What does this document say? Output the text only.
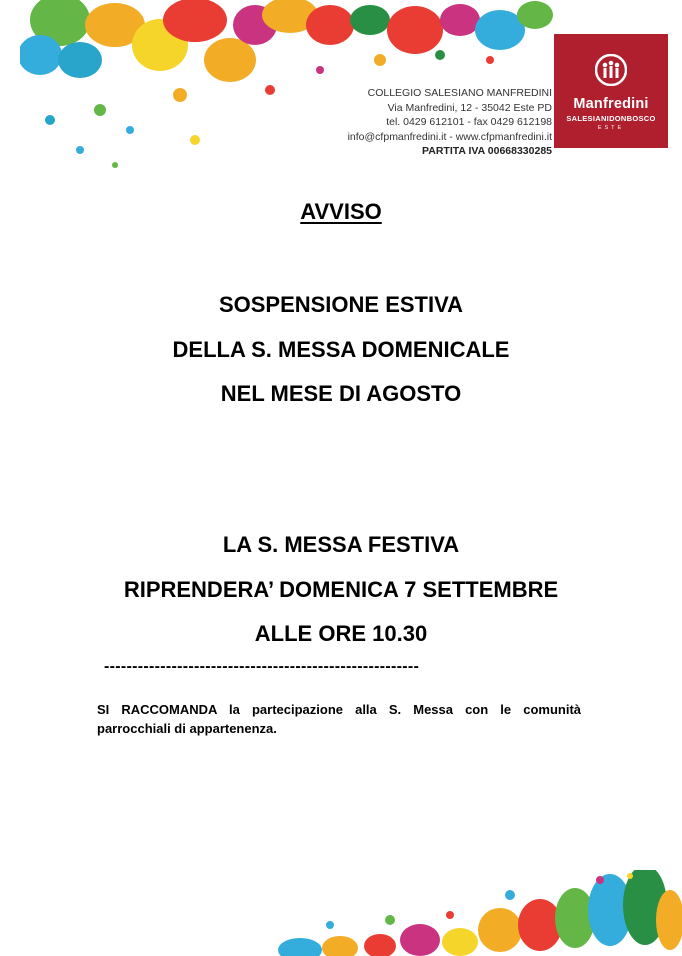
COLLEGIO SALESIANO MANFREDINI
Via Manfredini, 12 - 35042 Este PD
tel. 0429 612101 - fax 0429 612198
info@cfpmanfredini.it - www.cfpmanfredini.it
PARTITA IVA 00668330285
Manfredini
SALESIANIDONBOSCO
ESTE
AVVISO
SOSPENSIONE ESTIVA
DELLA S. MESSA DOMENICALE
NEL MESE DI AGOSTO
LA S. MESSA FESTIVA
RIPRENDERA’ DOMENICA 7 SETTEMBRE
ALLE ORE 10.30
--------------------------------------------------------
SI RACCOMANDA la partecipazione alla S. Messa con le comunità parrocchiali di appartenenza.
